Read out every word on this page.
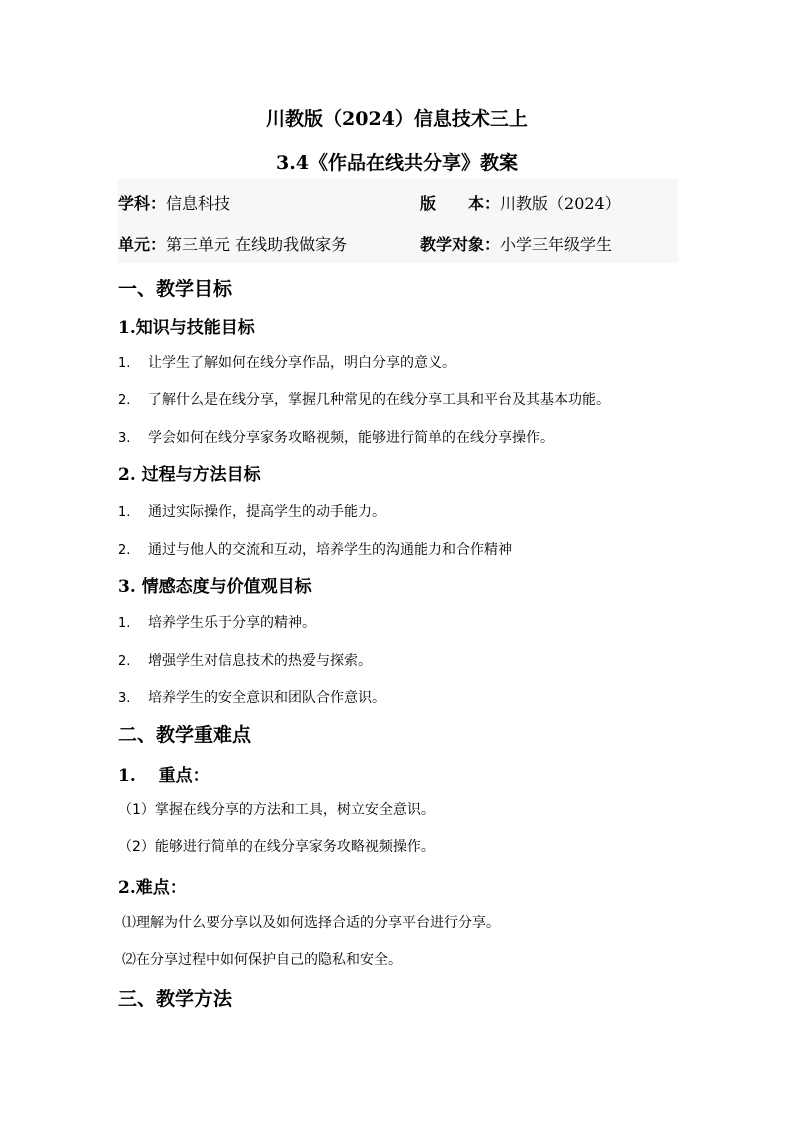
川教版（2024）信息技术三上
3.4《作品在线共分享》教案
学科：信息科技	版　　本：川教版（2024）
单元：第三单元 在线助我做家务	教学对象：小学三年级学生
一、教学目标
1.知识与技能目标
1. 让学生了解如何在线分享作品，明白分享的意义。
2. 了解什么是在线分享，掌握几种常见的在线分享工具和平台及其基本功能。
3. 学会如何在线分享家务攻略视频，能够进行简单的在线分享操作。
2. 过程与方法目标
1. 通过实际操作，提高学生的动手能力。
2. 通过与他人的交流和互动，培养学生的沟通能力和合作精神
3. 情感态度与价值观目标
1. 培养学生乐于分享的精神。
2. 增强学生对信息技术的热爱与探索。
3. 培养学生的安全意识和团队合作意识。
二、教学重难点
1.　 重点：
（1）掌握在线分享的方法和工具，树立安全意识。
（2）能够进行简单的在线分享家务攻略视频操作。
2.难点：
⑴理解为什么要分享以及如何选择合适的分享平台进行分享。
⑵在分享过程中如何保护自己的隐私和安全。
三、教学方法
